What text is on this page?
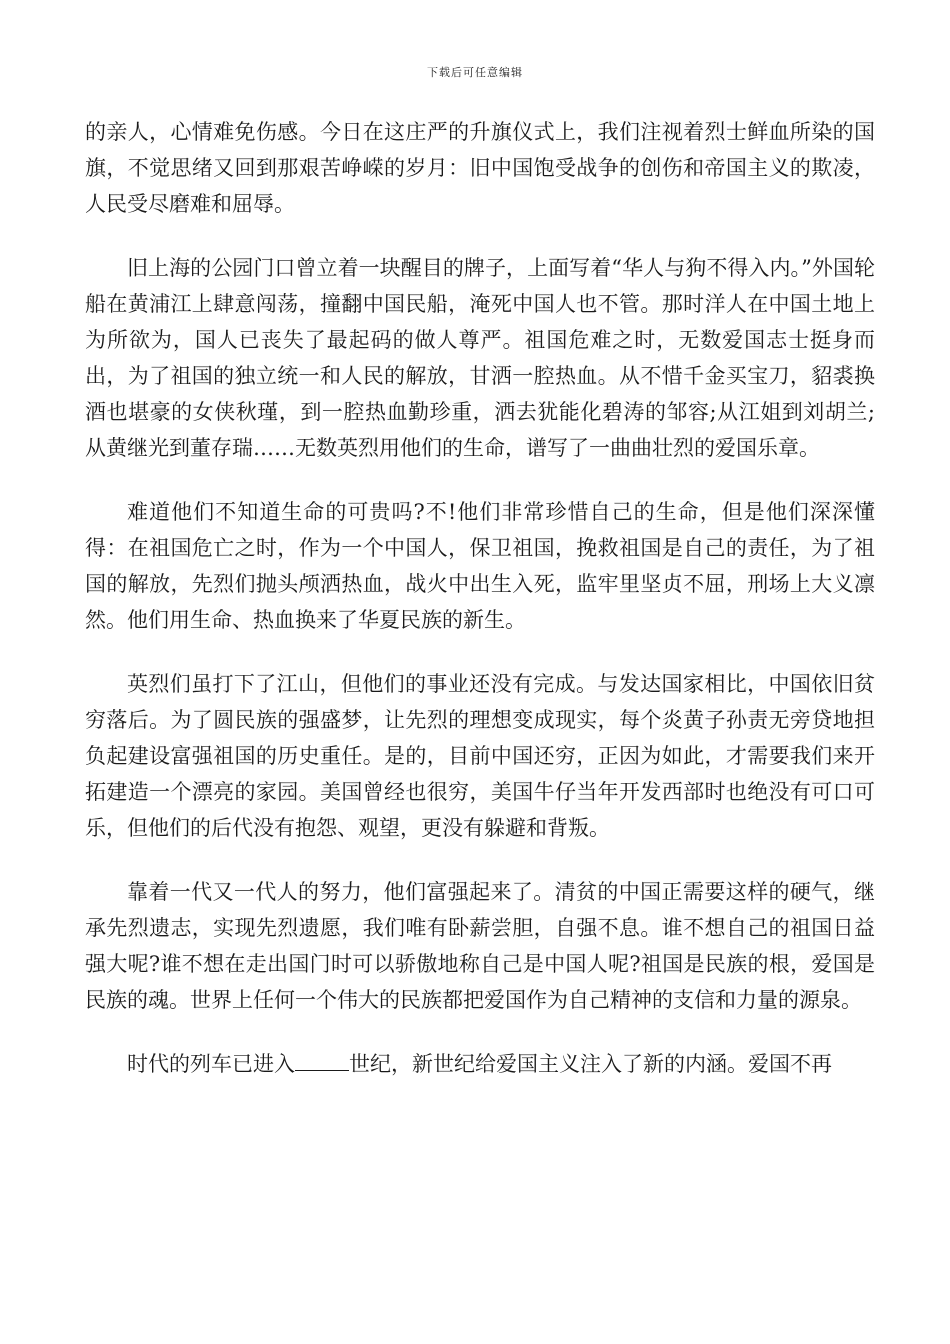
下载后可任意编辑

的亲人，心情难免伤感。今日在这庄严的升旗仪式上，我们注视着烈士鲜血所染的国旗，不觉思绪又回到那艰苦峥嵘的岁月：旧中国饱受战争的创伤和帝国主义的欺凌，人民受尽磨难和屈辱。

旧上海的公园门口曾立着一块醒目的牌子，上面写着“华人与狗不得入内。”外国轮船在黄浦江上肆意闯荡，撞翻中国民船，淹死中国人也不管。那时洋人在中国土地上为所欲为，国人已丧失了最起码的做人尊严。祖国危难之时，无数爱国志士挺身而出，为了祖国的独立统一和人民的解放，甘洒一腔热血。从不惜千金买宝刀，貂裘换酒也堪豪的女侠秋瑾，到一腔热血勤珍重，洒去犹能化碧涛的邹容;从江姐到刘胡兰;从黄继光到董存瑞……无数英烈用他们的生命，谱写了一曲曲壮烈的爱国乐章。

难道他们不知道生命的可贵吗?不!他们非常珍惜自己的生命，但是他们深深懂得：在祖国危亡之时，作为一个中国人，保卫祖国，挽救祖国是自己的责任，为了祖国的解放，先烈们抛头颅洒热血，战火中出生入死，监牢里坚贞不屈，刑场上大义凛然。他们用生命、热血换来了华夏民族的新生。

英烈们虽打下了江山，但他们的事业还没有完成。与发达国家相比，中国依旧贫穷落后。为了圆民族的强盛梦，让先烈的理想变成现实，每个炎黄子孙责无旁贷地担负起建设富强祖国的历史重任。是的，目前中国还穷，正因为如此，才需要我们来开拓建造一个漂亮的家园。美国曾经也很穷，美国牛仔当年开发西部时也绝没有可口可乐，但他们的后代没有抱怨、观望，更没有躲避和背叛。

靠着一代又一代人的努力，他们富强起来了。清贫的中国正需要这样的硬气，继承先烈遗志，实现先烈遗愿，我们唯有卧薪尝胆，自强不息。谁不想自己的祖国日益强大呢?谁不想在走出国门时可以骄傲地称自己是中国人呢?祖国是民族的根，爱国是民族的魂。世界上任何一个伟大的民族都把爱国作为自己精神的支信和力量的源泉。

时代的列车已进入	世纪，新世纪给爱国主义注入了新的内涵。爱国不再
